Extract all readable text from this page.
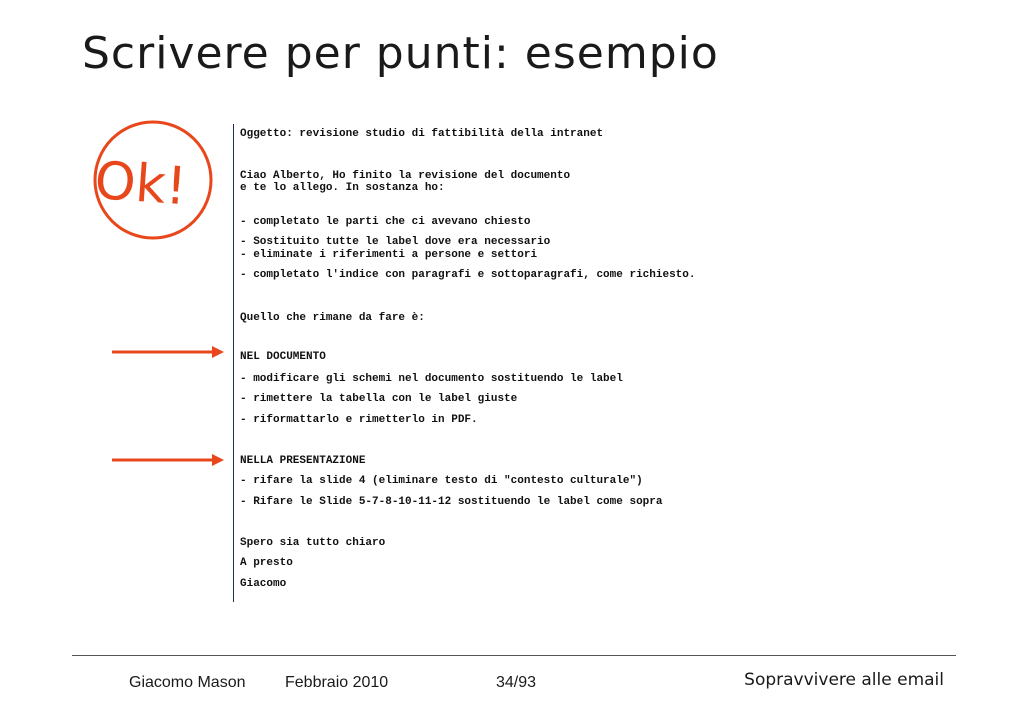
Scrivere per punti: esempio
Ok!
Oggetto: revisione studio di fattibilità della intranet
Ciao Alberto, Ho finito la revisione del documento
e te lo allego. In sostanza ho:
- completato le parti che ci avevano chiesto
- Sostituito tutte le label dove era necessario
- eliminate i riferimenti a persone e settori
- completato l'indice con paragrafi e sottoparagrafi, come richiesto.
Quello che rimane da fare è:
NEL DOCUMENTO
- modificare gli schemi nel documento sostituendo le label
- rimettere la tabella con le label giuste
- riformattarlo e rimetterlo in PDF.
NELLA PRESENTAZIONE
- rifare la slide 4 (eliminare testo di "contesto culturale")
- Rifare le Slide 5-7-8-10-11-12 sostituendo le label come sopra
Spero sia tutto chiaro
A presto
Giacomo
Giacomo Mason Febbraio 2010	34/93	Sopravvivere alle email
